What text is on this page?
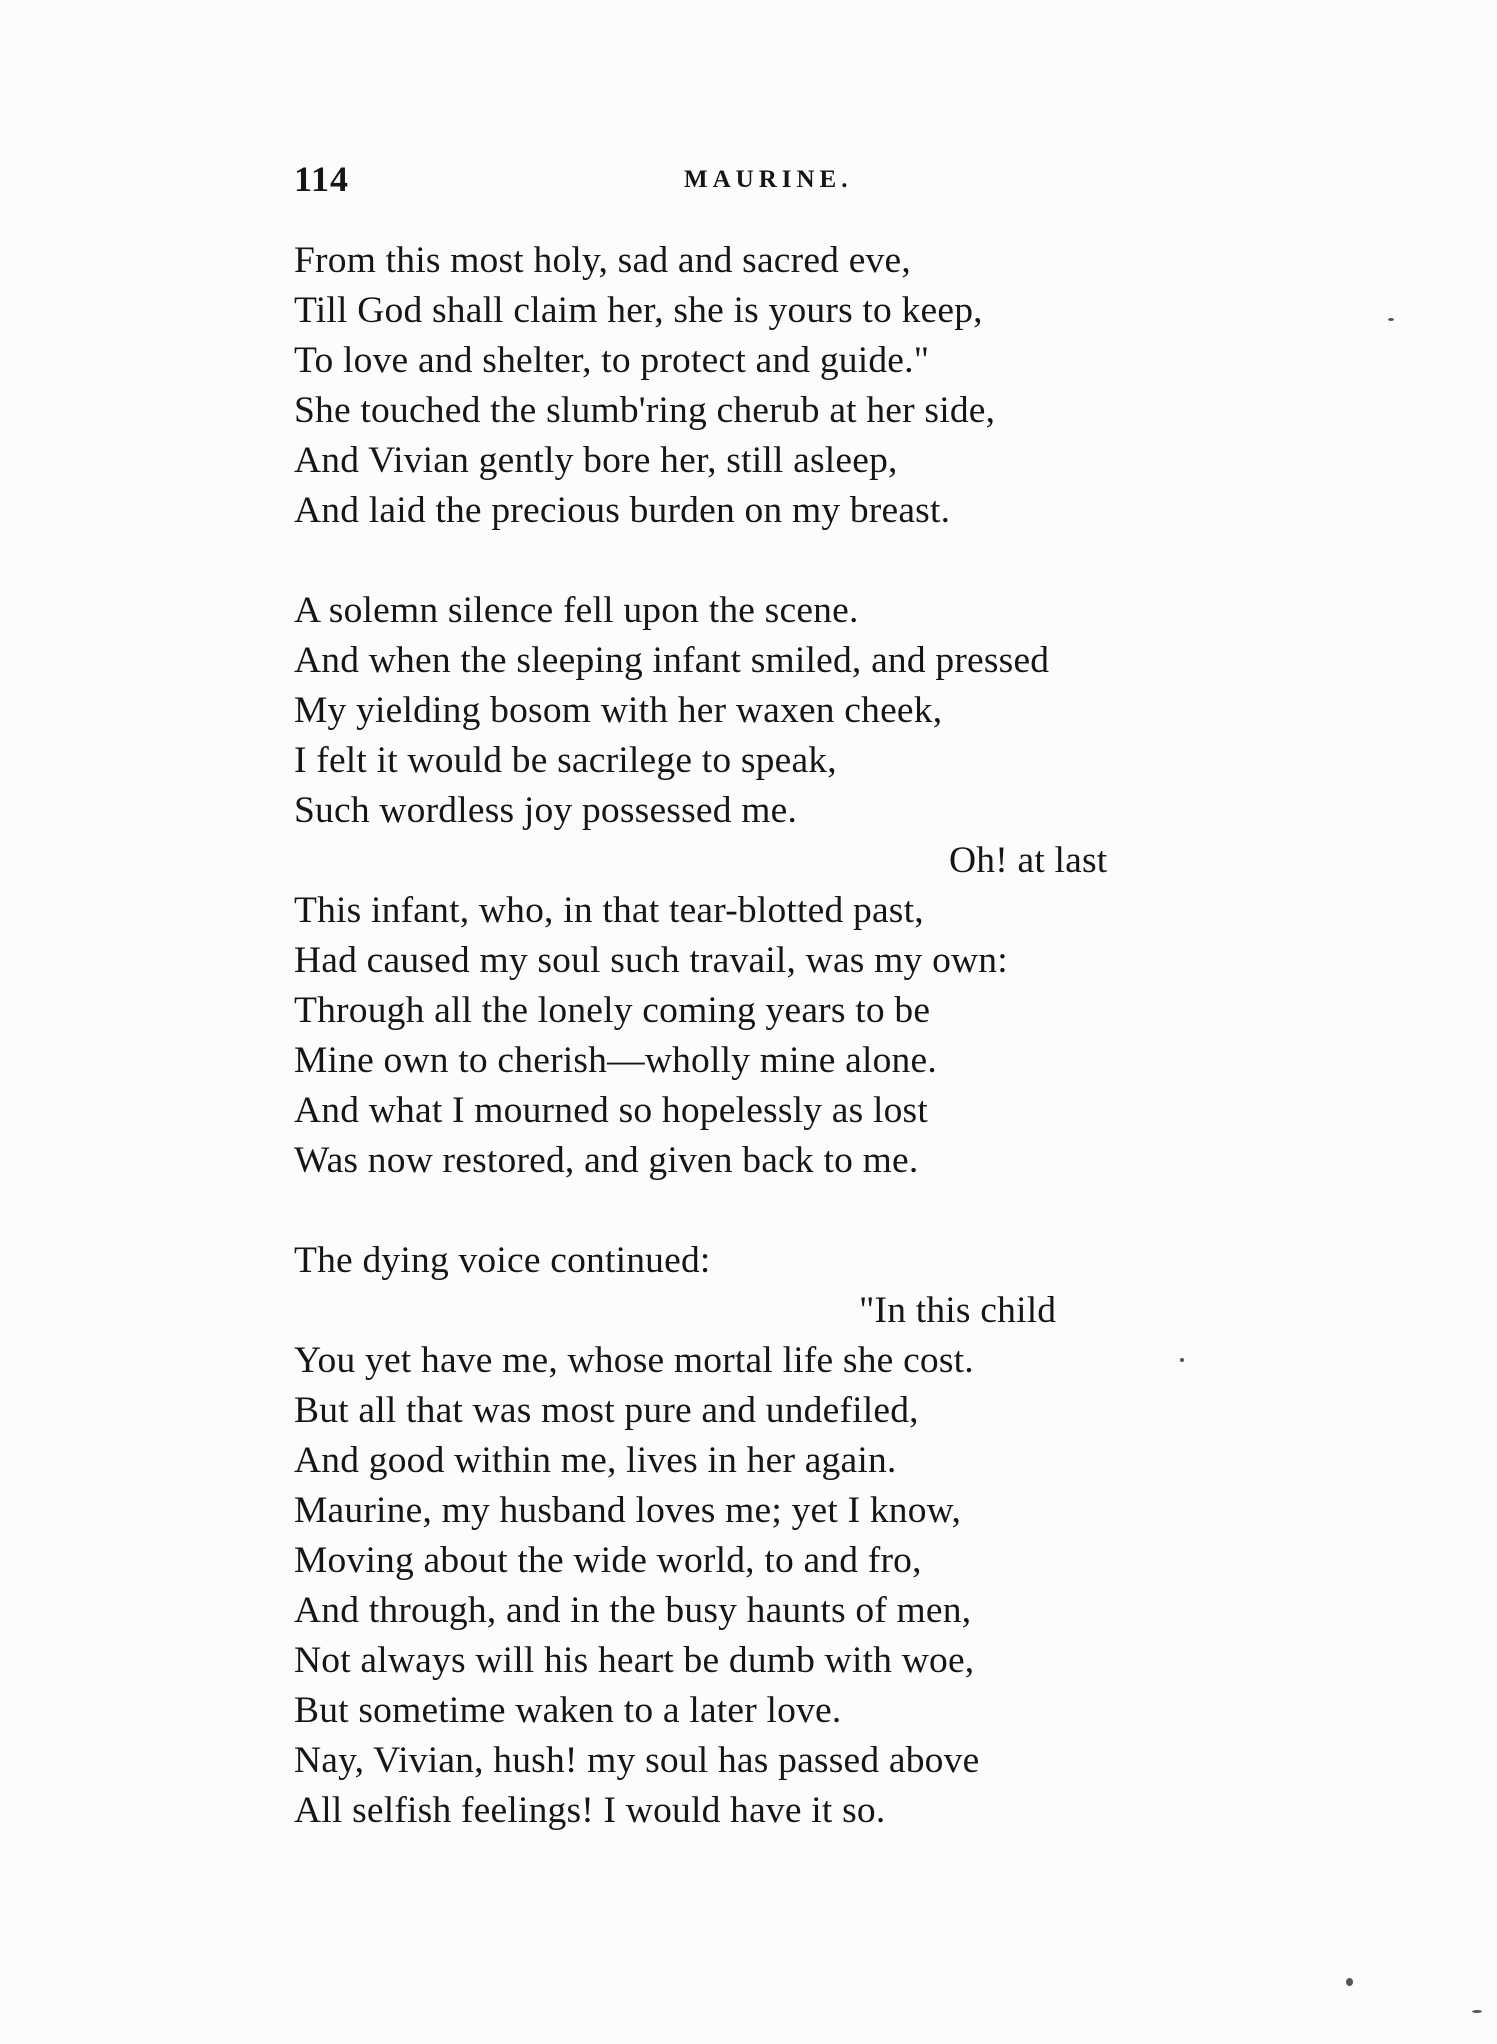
114	MAURINE.
From this most holy, sad and sacred eve,
Till God shall claim her, she is yours to keep,
To love and shelter, to protect and guide."
She touched the slumb'ring cherub at her side,
And Vivian gently bore her, still asleep,
And laid the precious burden on my breast.
A solemn silence fell upon the scene.
And when the sleeping infant smiled, and pressed
My yielding bosom with her waxen cheek,
I felt it would be sacrilege to speak,
Such wordless joy possessed me.
Oh! at last
This infant, who, in that tear-blotted past,
Had caused my soul such travail, was my own:
Through all the lonely coming years to be
Mine own to cherish—wholly mine alone.
And what I mourned so hopelessly as lost
Was now restored, and given back to me.
The dying voice continued:
"In this child
You yet have me, whose mortal life she cost.
But all that was most pure and undefiled,
And good within me, lives in her again.
Maurine, my husband loves me; yet I know,
Moving about the wide world, to and fro,
And through, and in the busy haunts of men,
Not always will his heart be dumb with woe,
But sometime waken to a later love.
Nay, Vivian, hush! my soul has passed above
All selfish feelings! I would have it so.
